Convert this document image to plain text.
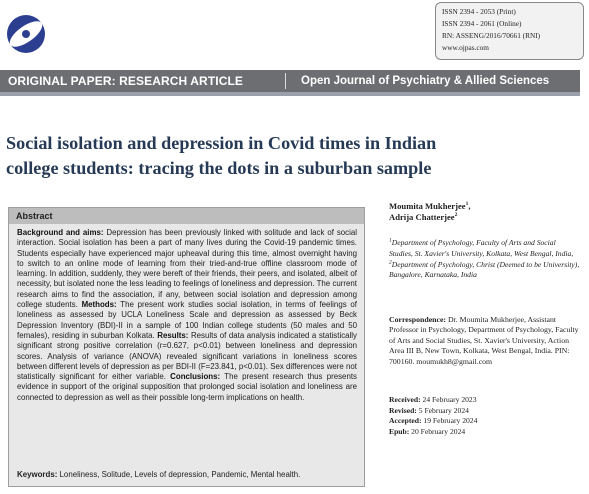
ISSN 2394 - 2053 (Print)
ISSN 2394 - 2061 (Online)
RN: ASSENG/2016/70661 (RNI)
www.ojpas.com
ORIGINAL PAPER: RESEARCH ARTICLE	Open Journal of Psychiatry & Allied Sciences
Social isolation and depression in Covid times in Indian
college students: tracing the dots in a suburban sample
Abstract
Background and aims: Depression has been previously linked with solitude and lack of social interaction. Social isolation has been a part of many lives during the Covid-19 pandemic times. Students especially have experienced major upheaval during this time, almost overnight having to switch to an online mode of learning from their tried-and-true offline classroom mode of learning. In addition, suddenly, they were bereft of their friends, their peers, and isolated, albeit of necessity, but isolated none the less leading to feelings of loneliness and depression. The current research aims to find the association, if any, between social isolation and depression among college students. Methods: The present work studies social isolation, in terms of feelings of loneliness as assessed by UCLA Loneliness Scale and depression as assessed by Beck Depression Inventory (BDI)-II in a sample of 100 Indian college students (50 males and 50 females), residing in suburban Kolkata. Results: Results of data analysis indicated a statistically significant strong positive correlation (r=0.627, p<0.01) between loneliness and depression scores. Analysis of variance (ANOVA) revealed significant variations in loneliness scores between different levels of depression as per BDI-II (F=23.841, p<0.01). Sex differences were not statistically significant for either variable. Conclusions: The present research thus presents evidence in support of the original supposition that prolonged social isolation and loneliness are connected to depression as well as their possible long-term implications on health.
Keywords: Loneliness, Solitude, Levels of depression, Pandemic, Mental health.
Moumita Mukherjee$^1$,
Adrija Chatterjee$^2$
$^1$Department of Psychology, Faculty of Arts and Social Studies, St. Xavier's University, Kolkata, West Bengal, India, $^2$Department of Psychology, Christ (Deemed to be University), Bangalore, Karnataka, India
Correspondence: Dr. Moumita Mukherjee, Assistant Professor in Psychology, Department of Psychology, Faculty of Arts and Social Studies, St. Xavier's University, Action Area III B, New Town, Kolkata, West Bengal, India. PIN: 700160. moumukh8@gmail.com
Received: 24 February 2023
Revised: 5 February 2024
Accepted: 19 February 2024
Epub: 20 February 2024
